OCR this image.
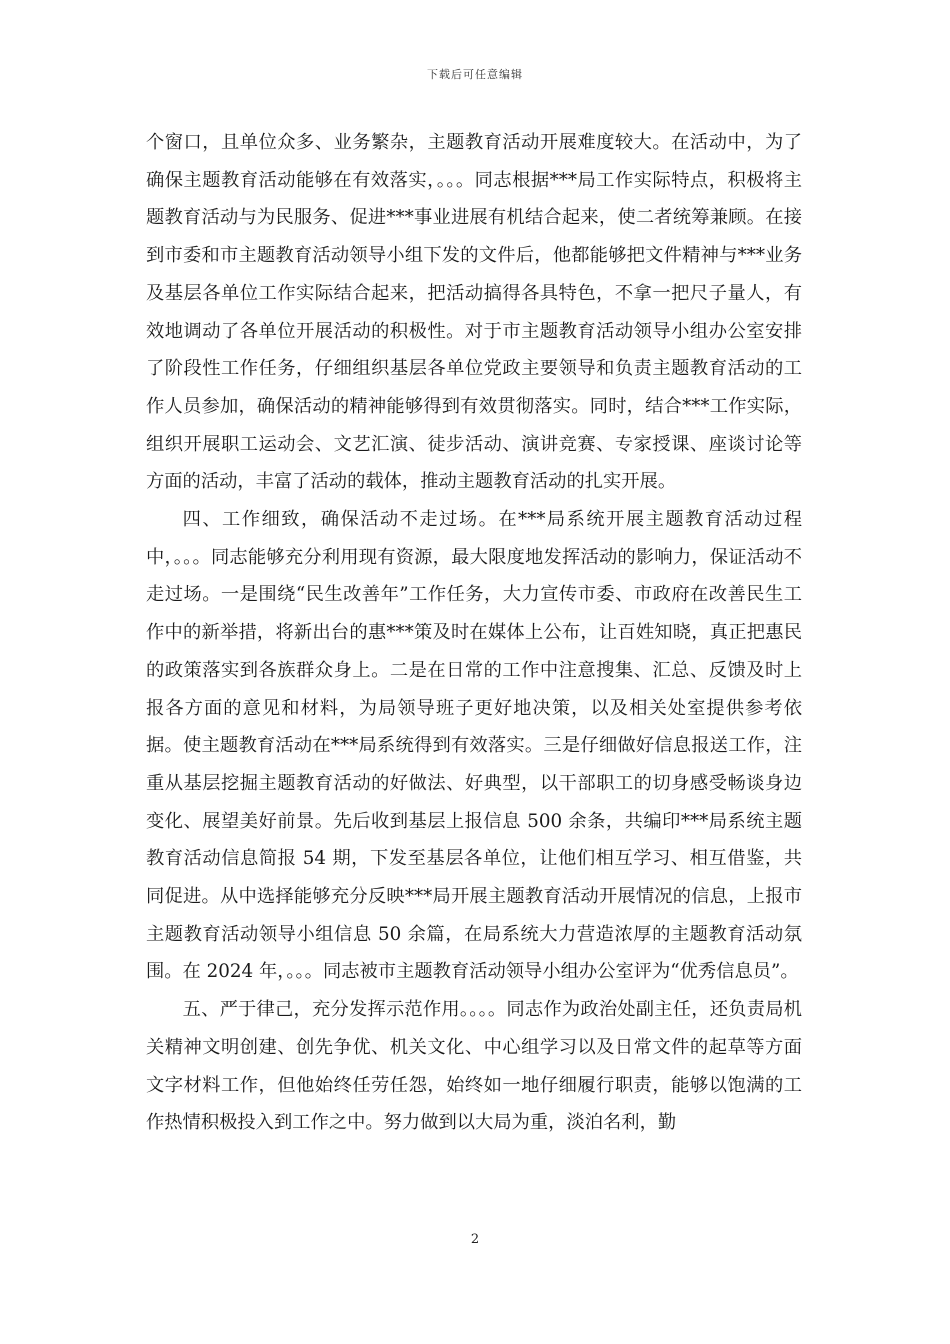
下载后可任意编辑

个窗口，且单位众多、业务繁杂，主题教育活动开展难度较大。在活动中，为了确保主题教育活动能够在有效落实，。。。同志根据***局工作实际特点，积极将主题教育活动与为民服务、促进***事业进展有机结合起来，使二者统筹兼顾。在接到市委和市主题教育活动领导小组下发的文件后，他都能够把文件精神与***业务及基层各单位工作实际结合起来，把活动搞得各具特色，不拿一把尺子量人，有效地调动了各单位开展活动的积极性。对于市主题教育活动领导小组办公室安排了阶段性工作任务，仔细组织基层各单位党政主要领导和负责主题教育活动的工作人员参加，确保活动的精神能够得到有效贯彻落实。同时，结合***工作实际，组织开展职工运动会、文艺汇演、徒步活动、演讲竞赛、专家授课、座谈讨论等方面的活动，丰富了活动的载体，推动主题教育活动的扎实开展。

四、工作细致，确保活动不走过场。在***局系统开展主题教育活动过程中，。。。同志能够充分利用现有资源，最大限度地发挥活动的影响力，保证活动不走过场。一是围绕“民生改善年”工作任务，大力宣传市委、市政府在改善民生工作中的新举措，将新出台的惠***策及时在媒体上公布，让百姓知晓，真正把惠民的政策落实到各族群众身上。二是在日常的工作中注意搜集、汇总、反馈及时上报各方面的意见和材料，为局领导班子更好地决策，以及相关处室提供参考依据。使主题教育活动在***局系统得到有效落实。三是仔细做好信息报送工作，注重从基层挖掘主题教育活动的好做法、好典型，以干部职工的切身感受畅谈身边变化、展望美好前景。先后收到基层上报信息 500 余条，共编印***局系统主题教育活动信息简报 54 期，下发至基层各单位，让他们相互学习、相互借鉴，共同促进。从中选择能够充分反映***局开展主题教育活动开展情况的信息，上报市主题教育活动领导小组信息 50 余篇，在局系统大力营造浓厚的主题教育活动氛围。在 2024 年，。。。同志被市主题教育活动领导小组办公室评为“优秀信息员”。

五、严于律己，充分发挥示范作用。。。。同志作为政治处副主任，还负责局机关精神文明创建、创先争优、机关文化、中心组学习以及日常文件的起草等方面文字材料工作，但他始终任劳任怨，始终如一地仔细履行职责，能够以饱满的工作热情积极投入到工作之中。努力做到以大局为重，淡泊名利，勤

2
